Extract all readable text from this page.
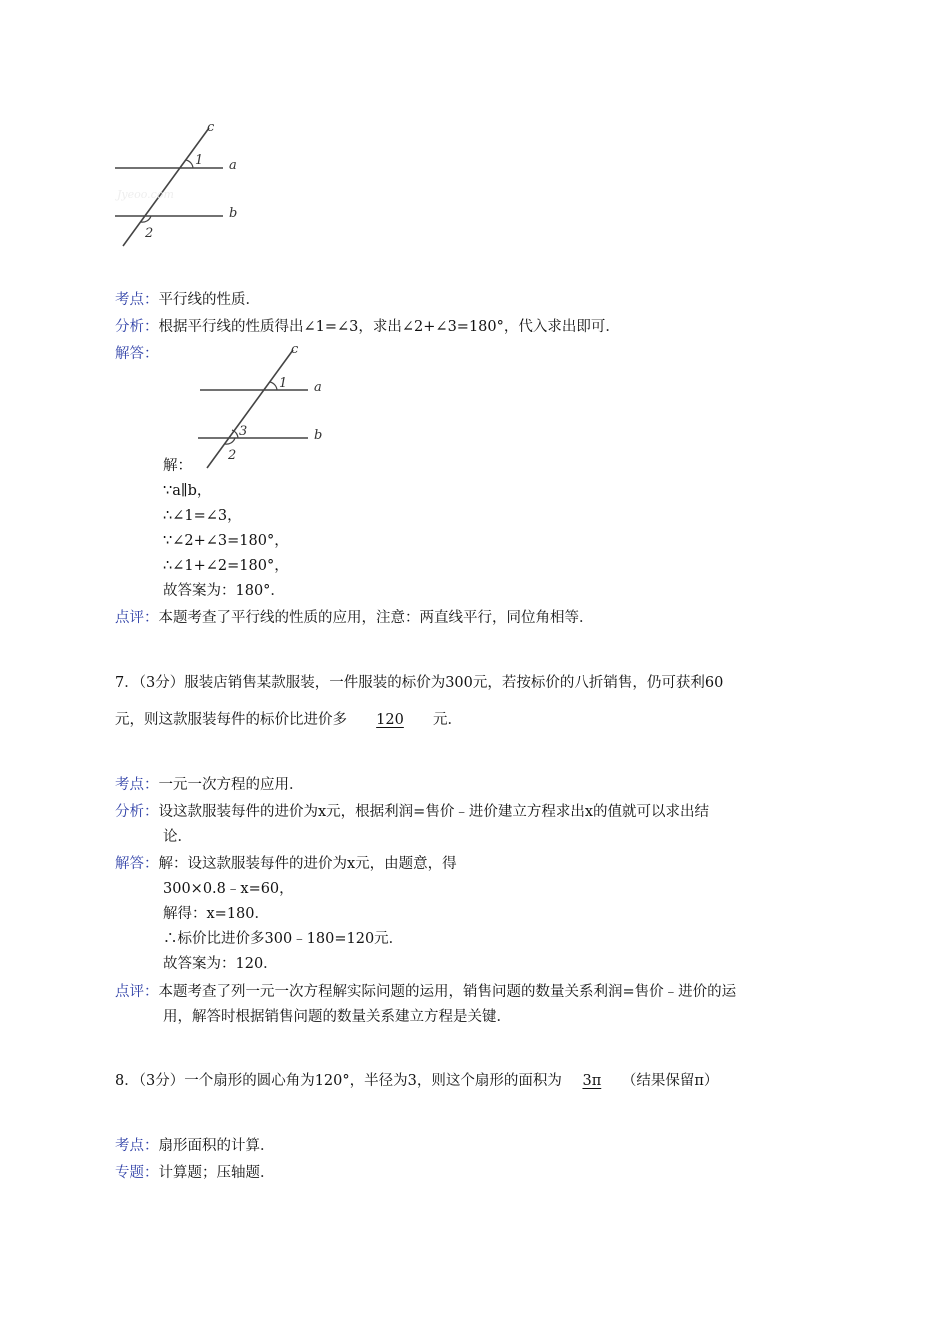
Jyeoo.com
c
a
b
1
2
考点：平行线的性质．
分析：根据平行线的性质得出∠1=∠3，求出∠2+∠3=180°，代入求出即可．
解答：	c
a
b
1
3
2
解：
∵a∥b，
∴∠1=∠3，
∵∠2+∠3=180°，
∴∠1+∠2=180°，
故答案为：180°．
点评：本题考查了平行线的性质的应用，注意：两直线平行，同位角相等．
7．（3分）服装店销售某款服装，一件服装的标价为300元，若按标价的八折销售，仍可获利60
元，则这款服装每件的标价比进价多 120 元．
考点：一元一次方程的应用．
分析：设这款服装每件的进价为x元，根据利润=售价﹣进价建立方程求出x的值就可以求出结
论．
解答：解：设这款服装每件的进价为x元，由题意，得
300×0.8﹣x=60，
解得：x=180．
∴标价比进价多300﹣180=120元．
故答案为：120．
点评：本题考查了列一元一次方程解实际问题的运用，销售问题的数量关系利润=售价﹣进价的运
用，解答时根据销售问题的数量关系建立方程是关键．
8．（3分）一个扇形的圆心角为120°，半径为3，则这个扇形的面积为 3π （结果保留π）
考点：扇形面积的计算．
专题：计算题；压轴题．
